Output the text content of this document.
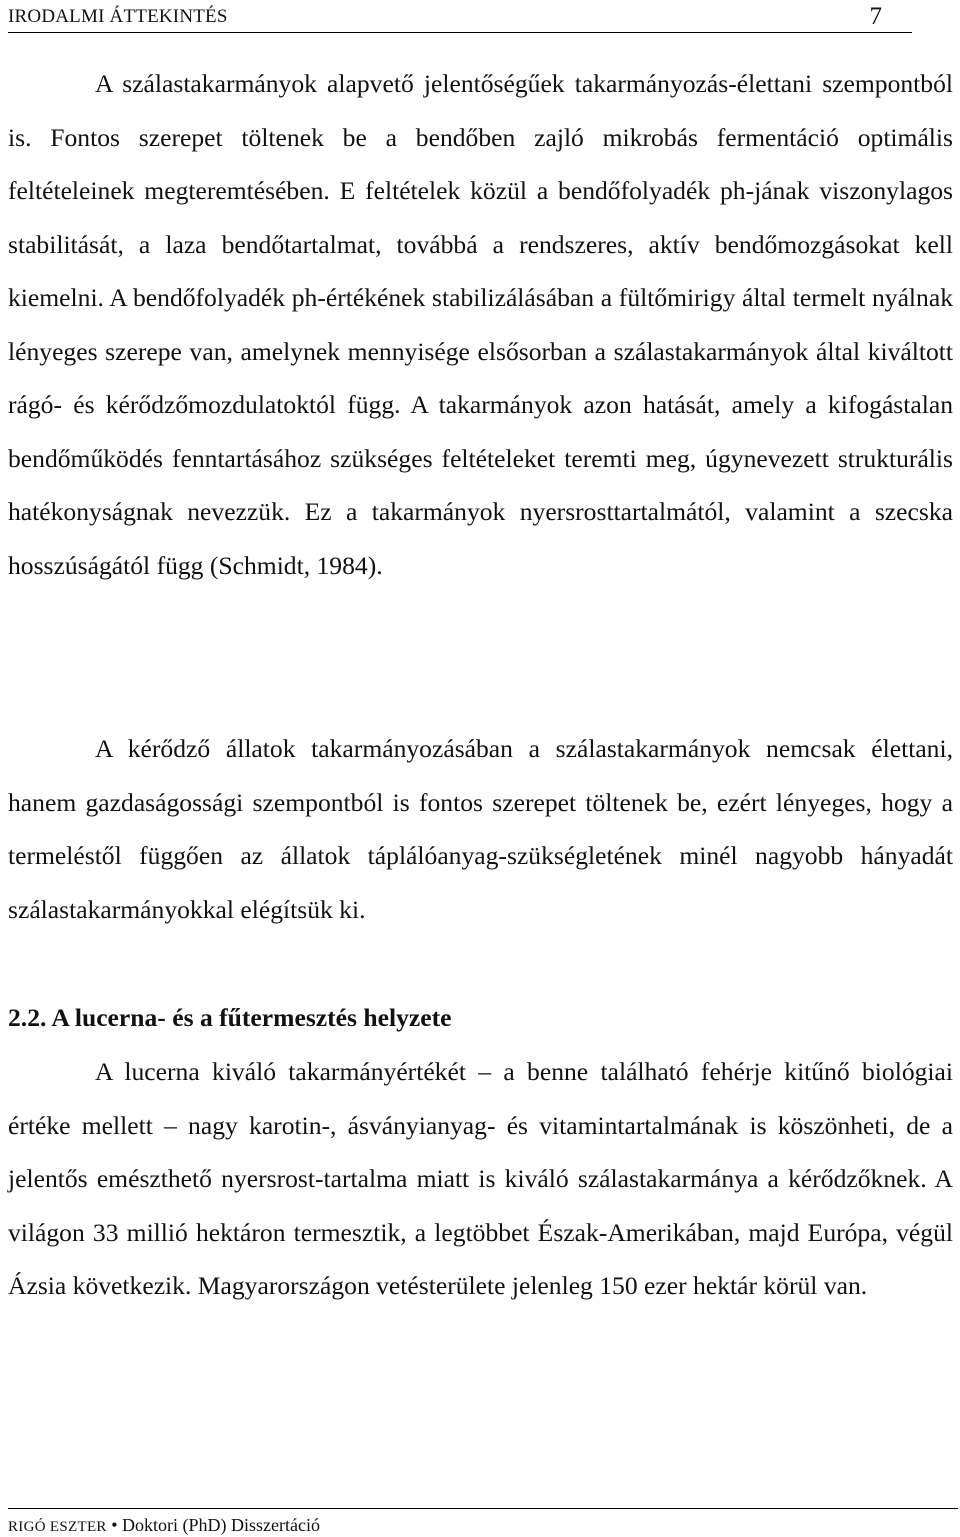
IRODALMI ÁTTEKINTÉS	7

A szálastakarmányok alapvető jelentőségűek takarmányozás-élettani szempontból is. Fontos szerepet töltenek be a bendőben zajló mikrobás fermentáció optimális feltételeinek megteremtésében. E feltételek közül a bendőfolyadék ph-jának viszonylagos stabilitását, a laza bendőtartalmat, továbbá a rendszeres, aktív bendőmozgásokat kell kiemelni. A bendőfolyadék ph-értékének stabilizálásában a fültőmirigy által termelt nyálnak lényeges szerepe van, amelynek mennyisége elsősorban a szálastakarmányok által kiváltott rágó- és kérődzőmozdulatoktól függ. A takarmányok azon hatását, amely a kifogástalan bendőműködés fenntartásához szükséges feltételeket teremti meg, úgynevezett strukturális hatékonyságnak nevezzük. Ez a takarmányok nyersrosttartalmától, valamint a szecska hosszúságától függ (Schmidt, 1984).

A kérődző állatok takarmányozásában a szálastakarmányok nemcsak élettani, hanem gazdaságossági szempontból is fontos szerepet töltenek be, ezért lényeges, hogy a termeléstől függően az állatok táplálóanyag-szükségletének minél nagyobb hányadát szálastakarmányokkal elégítsük ki.

2.2. A lucerna- és a fűtermesztés helyzete

A lucerna kiváló takarmányértékét – a benne található fehérje kitűnő biológiai értéke mellett – nagy karotin-, ásványianyag- és vitamintartalmának is köszönheti, de a jelentős emészthető nyersrost-tartalma miatt is kiváló szálastakarmánya a kérődzőknek. A világon 33 millió hektáron termesztik, a legtöbbet Észak-Amerikában, majd Európa, végül Ázsia következik. Magyarországon vetésterülete jelenleg 150 ezer hektár körül van.

RIGÓ ESZTER • Doktori (PhD) Disszertáció
